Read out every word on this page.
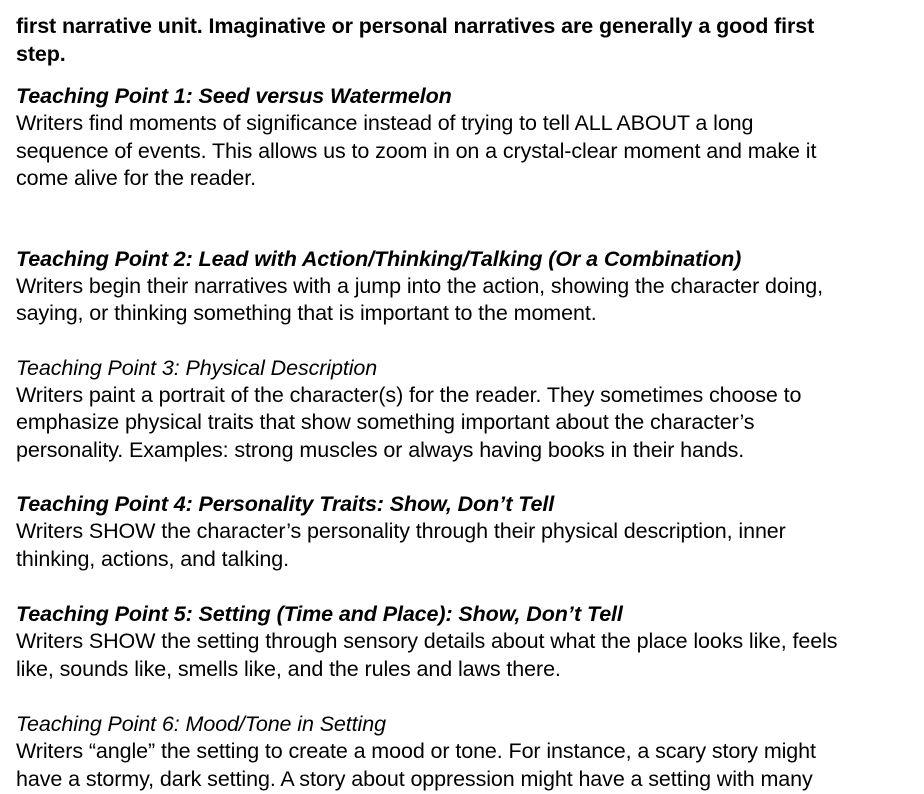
first narrative unit. Imaginative or personal narratives are generally a good first
step.

Teaching Point 1: Seed versus Watermelon

Writers find moments of significance instead of trying to tell ALL ABOUT a long
sequence of events. This allows us to zoom in on a crystal-clear moment and make it
come alive for the reader.

Teaching Point 2: Lead with Action/Thinking/Talking (Or a Combination)

Writers begin their narratives with a jump into the action, showing the character doing,
saying, or thinking something that is important to the moment.

Teaching Point 3: Physical Description

Writers paint a portrait of the character(s) for the reader. They sometimes choose to
emphasize physical traits that show something important about the character’s
personality. Examples: strong muscles or always having books in their hands.

Teaching Point 4: Personality Traits: Show, Don’t Tell

Writers SHOW the character’s personality through their physical description, inner
thinking, actions, and talking.

Teaching Point 5: Setting (Time and Place): Show, Don’t Tell

Writers SHOW the setting through sensory details about what the place looks like, feels
like, sounds like, smells like, and the rules and laws there.

Teaching Point 6: Mood/Tone in Setting

Writers “angle” the setting to create a mood or tone. For instance, a scary story might
have a stormy, dark setting. A story about oppression might have a setting with many
